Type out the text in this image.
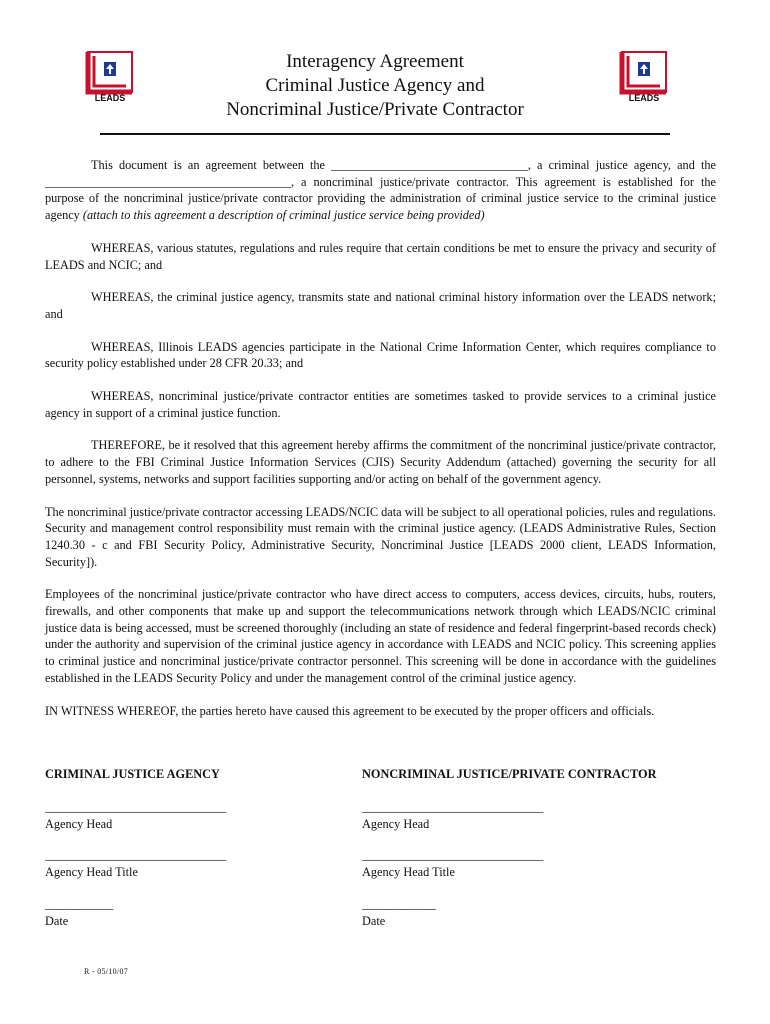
LEADS	LEADS
Interagency Agreement
Criminal Justice Agency and
Noncriminal Justice/Private Contractor

This document is an agreement between the ________________________________, a criminal justice agency, and the ________________________________________, a noncriminal justice/private contractor. This agreement is established for the purpose of the noncriminal justice/private contractor providing the administration of criminal justice service to the criminal justice agency (attach to this agreement a description of criminal justice service being provided)

WHEREAS, various statutes, regulations and rules require that certain conditions be met to ensure the privacy and security of LEADS and NCIC; and

WHEREAS, the criminal justice agency, transmits state and national criminal history information over the LEADS network; and

WHEREAS, Illinois LEADS agencies participate in the National Crime Information Center, which requires compliance to security policy established under 28 CFR 20.33; and

WHEREAS, noncriminal justice/private contractor entities are sometimes tasked to provide services to a criminal justice agency in support of a criminal justice function.

THEREFORE, be it resolved that this agreement hereby affirms the commitment of the noncriminal justice/private contractor, to adhere to the FBI Criminal Justice Information Services (CJIS) Security Addendum (attached) governing the security for all personnel, systems, networks and support facilities supporting and/or acting on behalf of the government agency.

The noncriminal justice/private contractor accessing LEADS/NCIC data will be subject to all operational policies, rules and regulations. Security and management control responsibility must remain with the criminal justice agency. (LEADS Administrative Rules, Section 1240.30 - c and FBI Security Policy, Administrative Security, Noncriminal Justice [LEADS 2000 client, LEADS Information, Security]).

Employees of the noncriminal justice/private contractor who have direct access to computers, access devices, circuits, hubs, routers, firewalls, and other components that make up and support the telecommunications network through which LEADS/NCIC criminal justice data is being accessed, must be screened thoroughly (including an state of residence and federal fingerprint-based records check) under the authority and supervision of the criminal justice agency in accordance with LEADS and NCIC policy. This screening applies to criminal justice and noncriminal justice/private contractor personnel. This screening will be done in accordance with the guidelines established in the LEADS Security Policy and under the management control of the criminal justice agency.

IN WITNESS WHEREOF, the parties hereto have caused this agreement to be executed by the proper officers and officials.

CRIMINAL JUSTICE AGENCY
________________________________
Agency Head
________________________________
Agency Head Title
____________
Date
NONCRIMINAL JUSTICE/PRIVATE CONTRACTOR
________________________________
Agency Head
________________________________
Agency Head Title
_____________
Date
R - 05/10/07
